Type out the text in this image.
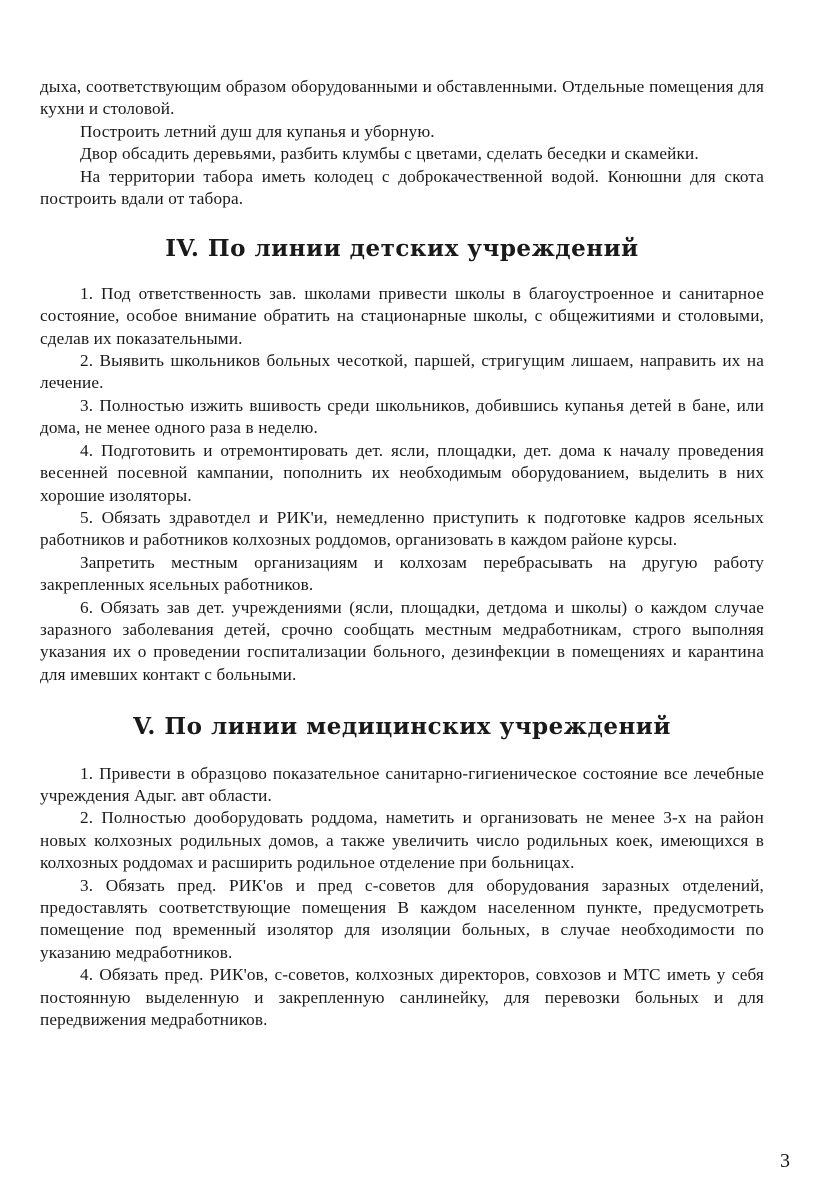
дыха, соответствующим образом оборудованными и обставленными. Отдельные помещения для кухни и столовой.

Построить летний душ для купанья и уборную.

Двор обсадить деревьями, разбить клумбы с цветами, сделать беседки и скамейки.

На территории табора иметь колодец с доброкачественной водой. Конюшни для скота построить вдали от табора.

IV. По линии детских учреждений

1. Под ответственность зав. школами привести школы в благоустроенное и санитарное состояние, особое внимание обратить на стационарные школы, с общежитиями и столовыми, сделав их показательными.

2. Выявить школьников больных чесоткой, паршей, стригущим лишаем, направить их на лечение.

3. Полностью изжить вшивость среди школьников, добившись купанья детей в бане, или дома, не менее одного раза в неделю.

4. Подготовить и отремонтировать дет. ясли, площадки, дет. дома к началу проведения весенней посевной кампании, пополнить их необходимым оборудованием, выделить в них хорошие изоляторы.

5. Обязать здравотдел и РИК'и, немедленно приступить к подготовке кадров ясельных работников и работников колхозных роддомов, организовать в каждом районе курсы.

Запретить местным организациям и колхозам перебрасывать на другую работу закрепленных ясельных работников.

6. Обязать зав дет. учреждениями (ясли, площадки, детдома и школы) о каждом случае заразного заболевания детей, срочно сообщать местным медработникам, строго выполняя указания их о проведении госпитализации больного, дезинфекции в помещениях и карантина для имевших контакт с больными.

V. По линии медицинских учреждений

1. Привести в образцово показательное санитарно-гигиеническое состояние все лечебные учреждения Адыг. авт области.

2. Полностью дооборудовать роддома, наметить и организовать не менее 3-х на район новых колхозных родильных домов, а также увеличить число родильных коек, имеющихся в колхозных роддомах и расширить родильное отделение при больницах.

3. Обязать пред. РИК'ов и пред с-советов для оборудования заразных отделений, предоставлять соответствующие помещения В каждом населенном пункте, предусмотреть помещение под временный изолятор для изоляции больных, в случае необходимости по указанию медработников.

4. Обязать пред. РИК'ов, с-советов, колхозных директоров, совхозов и МТС иметь у себя постоянную выделенную и закрепленную санлинейку, для перевозки больных и для передвижения медработников.

3
